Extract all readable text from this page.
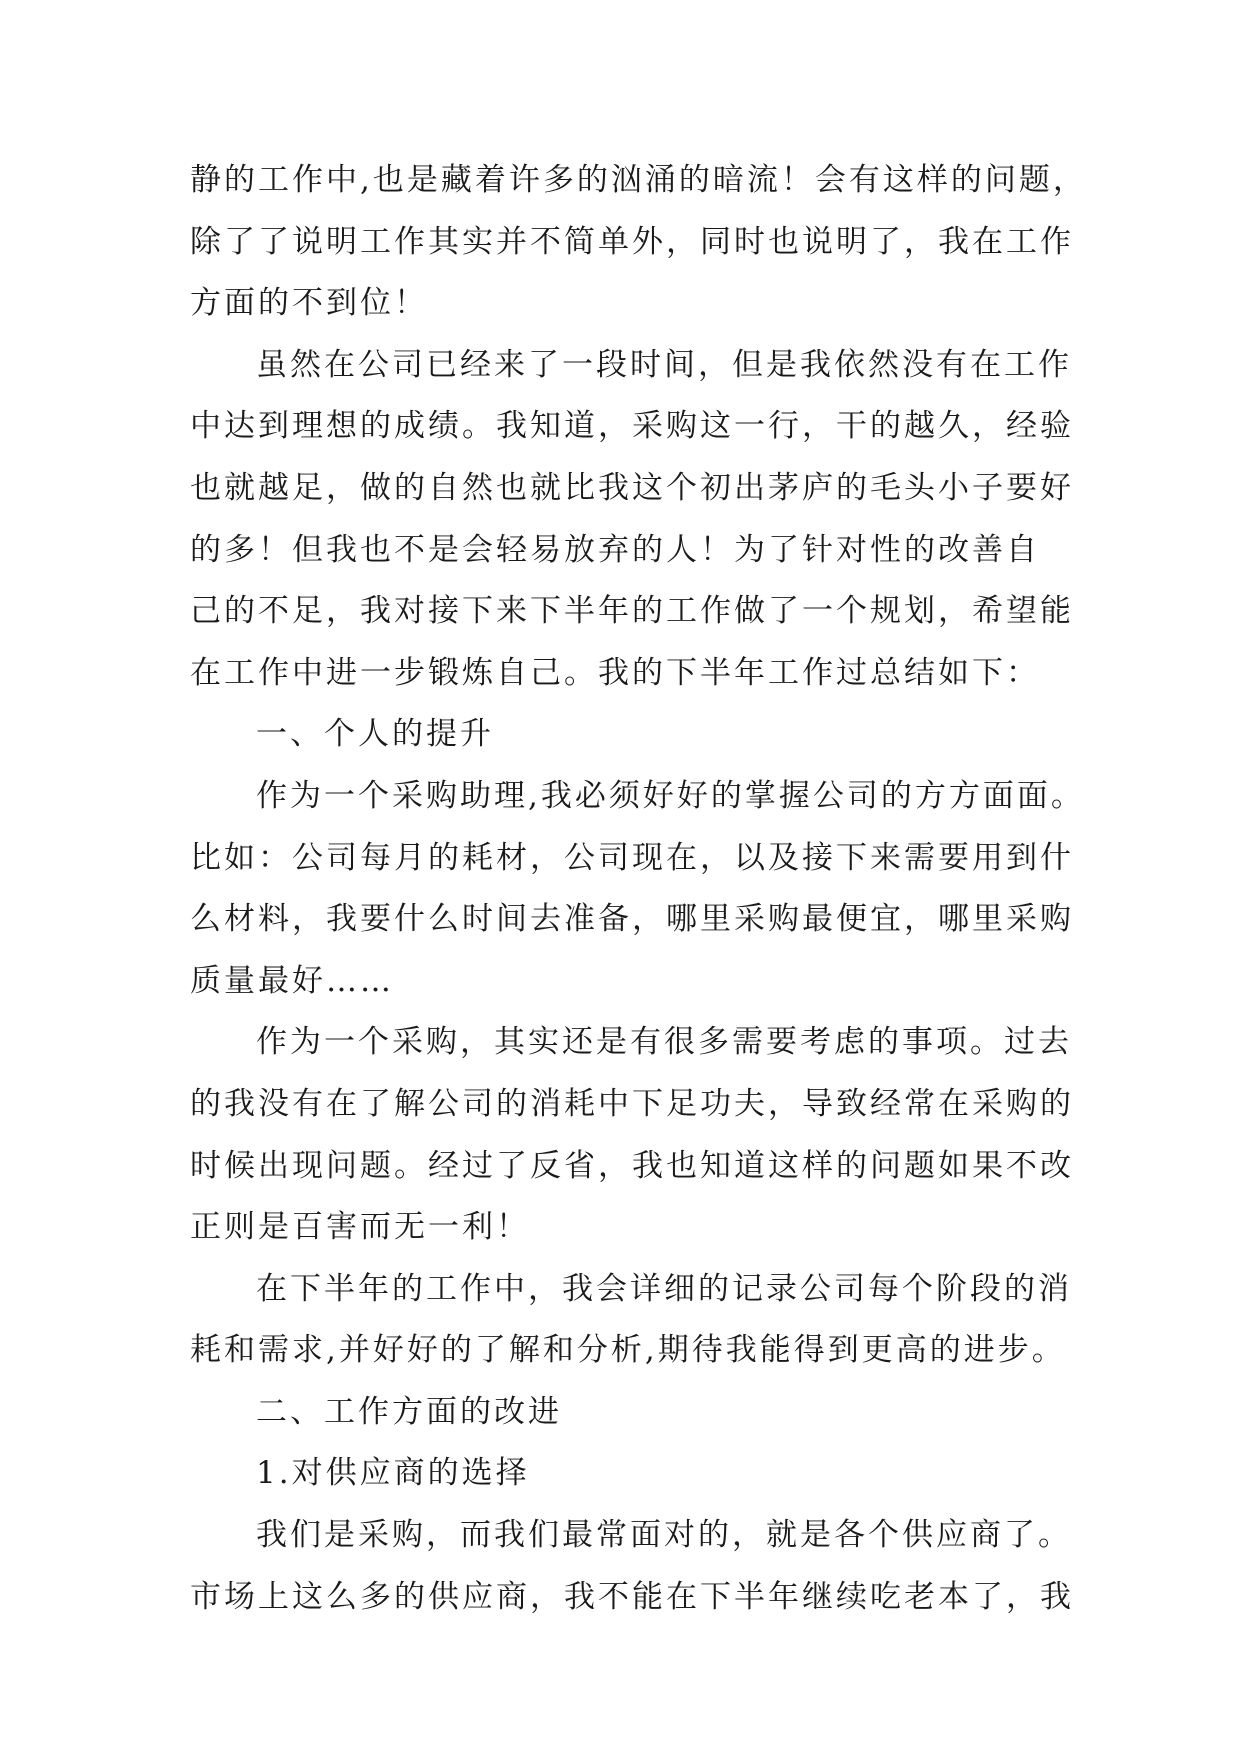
静的工作中,也是藏着许多的汹涌的暗流！会有这样的问题，
除了了说明工作其实并不简单外，同时也说明了，我在工作
方面的不到位！
虽然在公司已经来了一段时间，但是我依然没有在工作
中达到理想的成绩。我知道，采购这一行，干的越久，经验
也就越足，做的自然也就比我这个初出茅庐的毛头小子要好
的多！但我也不是会轻易放弃的人！为了针对性的改善自
己的不足，我对接下来下半年的工作做了一个规划，希望能
在工作中进一步锻炼自己。我的下半年工作过总结如下：
一、个人的提升
作为一个采购助理,我必须好好的掌握公司的方方面面。
比如：公司每月的耗材，公司现在，以及接下来需要用到什
么材料，我要什么时间去准备，哪里采购最便宜，哪里采购
质量最好……
作为一个采购，其实还是有很多需要考虑的事项。过去
的我没有在了解公司的消耗中下足功夫，导致经常在采购的
时候出现问题。经过了反省，我也知道这样的问题如果不改
正则是百害而无一利！
在下半年的工作中，我会详细的记录公司每个阶段的消
耗和需求,并好好的了解和分析,期待我能得到更高的进步。
二、工作方面的改进
1.对供应商的选择
我们是采购，而我们最常面对的，就是各个供应商了。
市场上这么多的供应商，我不能在下半年继续吃老本了，我
